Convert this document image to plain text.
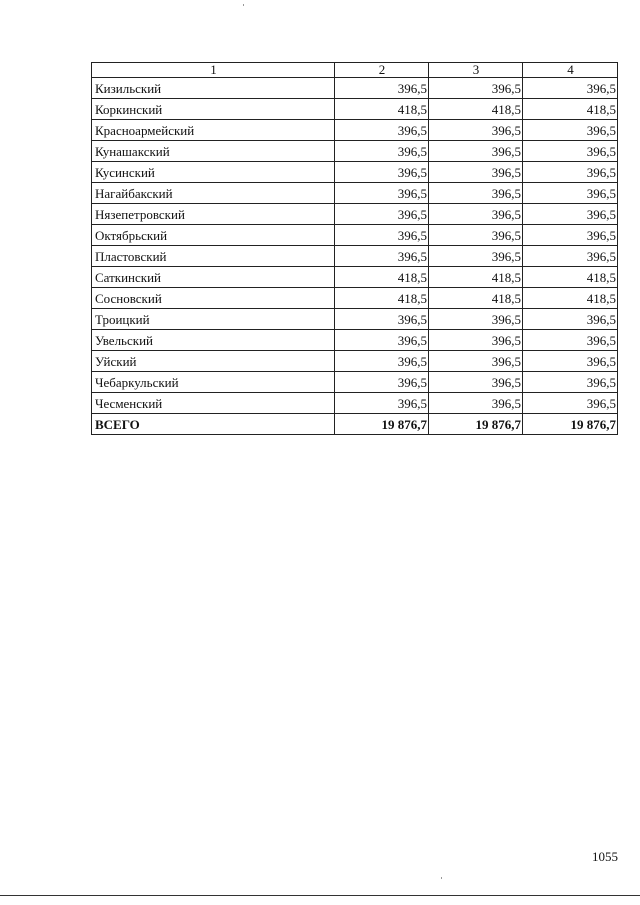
1	2	3	4
Кизильский	396,5	396,5	396,5
Коркинский	418,5	418,5	418,5
Красноармейский	396,5	396,5	396,5
Кунашакский	396,5	396,5	396,5
Кусинский	396,5	396,5	396,5
Нагайбакский	396,5	396,5	396,5
Нязепетровский	396,5	396,5	396,5
Октябрьский	396,5	396,5	396,5
Пластовский	396,5	396,5	396,5
Саткинский	418,5	418,5	418,5
Сосновский	418,5	418,5	418,5
Троицкий	396,5	396,5	396,5
Увельский	396,5	396,5	396,5
Уйский	396,5	396,5	396,5
Чебаркульский	396,5	396,5	396,5
Чесменский	396,5	396,5	396,5
ВСЕГО	19 876,7	19 876,7	19 876,7
1055
